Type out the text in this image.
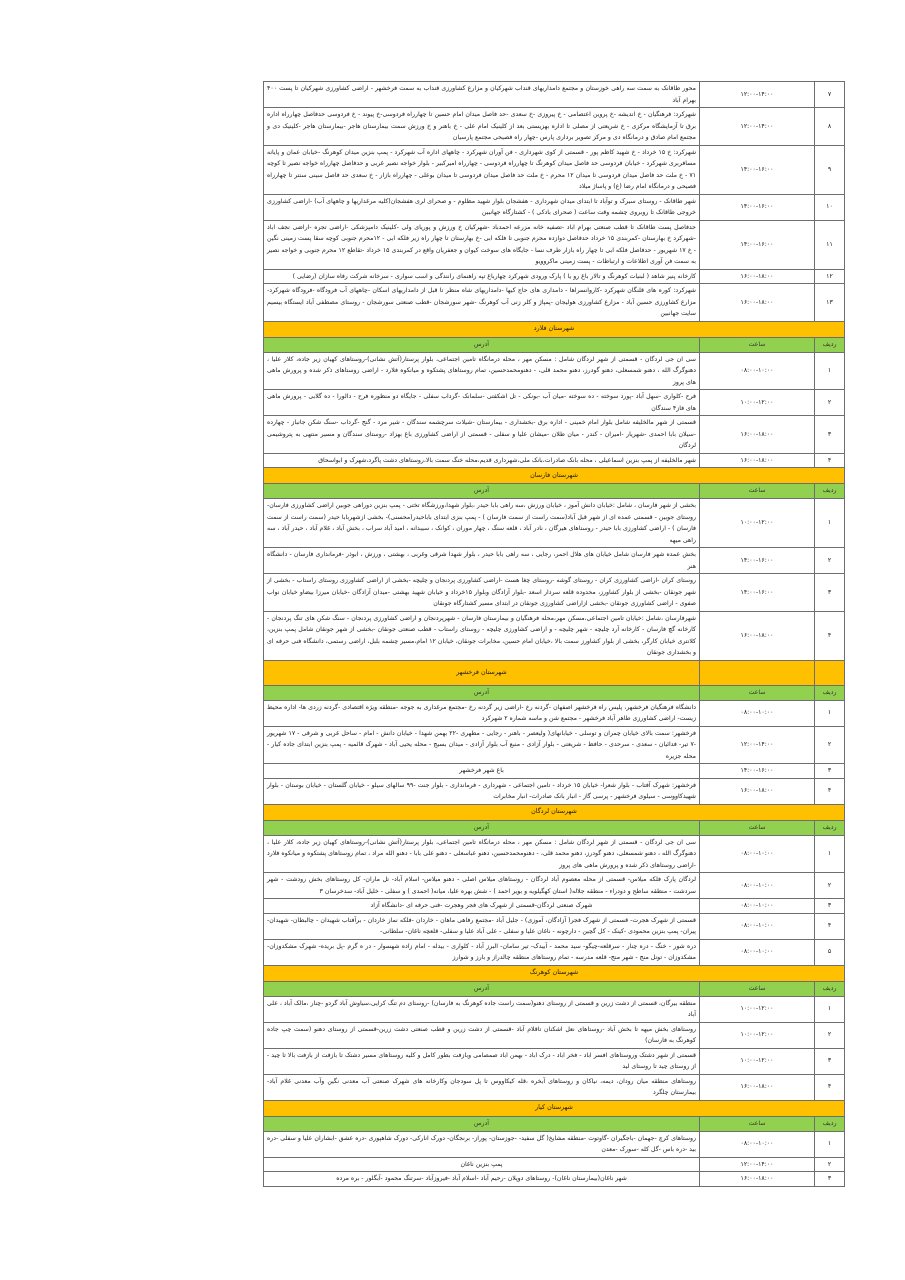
۷	۱۲:۰۰-۱۴:۰۰	محور طاقانک به سمت سه راهی خوزستان و مجتمع دامداریهای قنداب شهرکیان و مزارع کشاورزی قنداب به سمت فرخشهر - اراضی کشاورزی شهرکیان تا پست ۴۰۰ بهرام آباد
۸	۱۲:۰۰-۱۴:۰۰	شهرکرد: فرهنگیان - خ اندیشه -خ پروین اعتصامی - خ پیروزی -خ سعدی -حد فاصل میدان امام حسین تا چهارراه فردوسی-خ پیوند - خ فردوسی حدفاصل چهارراه اداره برق تا آزمایشگاه مرکزی - خ شریعتی از مصلی تا اداره بهزیستی بعد از کلینیک امام علی - خ باهنر و خ ورزش سمت بیمارستان هاجر -بیمارستان هاجر -کلینیک دی و مجتمع امام صادق و درمانگاه دی و مرکز تصویر برداری پارس -چهار راه فصیحی مجتمع پارسیان
۹	۱۴:۰۰-۱۶:۰۰	شهرکرد: خ ۱۵ خرداد - خ شهید کاظم پور - قسمتی از کوی شهرداری - فن آوران شهرکرد - چاههای اداره آب شهرکرد - پمپ بنزین میدان کوهرنگ -خیابان عمان و پایانه مسافربری شهرکرد - خیابان فردوسی حد فاصل میدان کوهرنگ تا چهارراه فردوسی - چهارراه امیرکبیر - بلوار خواجه نصیر غربی و حدفاصل چهارراه خواجه نصیر تا کوچه ۷۱ - خ ملت حد فاصل میدان فردوسی تا میدان ۱۲ محرم - خ ملت حد فاصل میدان فردوسی تا میدان بوعلی - چهارراه بازار - خ سعدی حد فاصل سینی سنتر تا چهارراه فصیحی و درمانگاه امام رضا (ع) و پاساژ میلاد
۱۰	۱۴:۰۰-۱۶:۰۰	شهر طاقانک - روستای سیرک و توآباد تا ابتدای میدان شهرداری - هفشجان بلوار شهید مظلوم - و صحرای لری هفشجان(کلیه مرغداریها و چاههای آب) -اراضی کشاورزی خروجی طاقانک تا روبروی چشمه وقت ساعت ( صحرای بادکی ) - کشتارگاه جهانبین
۱۱	۱۴:۰۰-۱۶:۰۰	حدفاصل پست طاقانک تا قطب صنعتی بهرام اباد -تصفیه خانه مزرعه احمدباد -شهرکیان خ ورزش و پوریای ولی -کلینیک دامپزشکی -اراضی تجره -اراضی نجف اباد -شهرکرد خ بهارستان -کمربندی ۱۵ خرداد حدفاصل دوازده محرم جنوبی تا فلکه ابی -خ بهارستان تا چهار راه زیر فلکه ابی - ۱۲محرم جنوبی کوچه سقا پست زمینی نگین - خ ۱۷ شهریور - حدفاصل فلکه ابی تا چهار راه بازار طرف نسا - جایگاه های سوخت کیوان و جعفریان واقع در کمربندی ۱۵ خرداد -تقاطع ۱۲ محرم جنوبی و خواجه نصیر به سمت فن آوری اطلاعات و ارتباطات - پست زمینی ماکروویو
۱۲	۱۶:۰۰-۱۸:۰۰	کارخانه پنیر شاهد ( لبنیات کوهرنگ و تالار باغ رو یا ) پارک ورودی شهرکرد چهارباغ تپه راهنمای رانندگی و اسب سواری - سرخانه شرکت رفاه سازان (رضایی )
۱۳	۱۶:۰۰-۱۸:۰۰	شهرکرد: کوره های قلنگان شهرکرد -کاروانسراها - دامداری های حاج کیها -دامداریهای شاه منظر تا قبل از دامداریهای اسکان -چاههای آب فرودگاه -فرودگاه شهرکرد- مزارع کشاورزی حسین آباد - مزارع کشاورزی هولیجان -پمپاژ و کلر زنی آب کوهرنگ -شهر سورشجان -قطب صنعتی سورشجان - روستای مصطفی آباد ایستگاه بیسیم سایت جهانبین
شهرستان فلارد		
ردیف	ساعت	آدرس
۱	۰۸:۰۰-۱۰:۰۰	سی ان جی لردگان - قسمتی از شهر لردگان شامل : مسکن مهر ، محله درمانگاه تامین اجتماعی، بلوار پرستار(آتش نشانی)-روستاهای کهیان زیر جاده، کلار علیا ، دهنوگرگ الله ، دهنو شمسعلی، دهنو گودرز، دهنو محمد قلی، - دهنومحمدحسین، تمام روستاهای پشتکوه و میانکوه فلارد - اراضی روستاهای ذکر شده و پرورش ماهی های پروز
۲	۱۰:۰۰-۱۲:۰۰	فرح -کلواری -سهل آباد -پورد سوخته - ده سوخته -میان آب -بونکی - تل اشکفتی -سلمانک -گرداب سفلی - جایگاه دو منظوره فرح - دالورا - ده گلابی - پرورش ماهی های فاز۴ سندگان
۳	۱۶:۰۰-۱۸:۰۰	قسمتی از شهر مالخلیفه شامل بلوار امام خمینی - اداره برق -بخشداری - بیمارستان -شیلات سرچشمه سندگان - شیر مرد - گنج -گرداب -سنگ شکن جانباز - چهارده -سیلان بابا احمدی -شهریار -امیران - کندر - میان طلان -میشان علیا و سفلی - قسمتی از اراضی کشاورزی باغ بهزاد -روستای سندگان و مسیر منتهی به پتروشیمی لردگان
۴	۱۶:۰۰-۱۸:۰۰	شهر مالخلیفه از پمپ بنزین اسماعیلی ، محله بانک صادرات،بانک ملی،شهرداری قدیم،محله خنگ سمت بالا،روستاهای دشت پاگرد،شهرک و ابواسحاق
شهرستان فارسان		
ردیف	ساعت	آدرس
۱	۱۰:۰۰-۱۲:۰۰	بخشی از شهر فارسان ، شامل :خیابان دانش آموز ، خیابان ورزش ،سه راهی بابا حیدر ،بلوار شهدا،ورزشگاه تختی - پمپ بنزین دوراهی جوبین اراضی کشاورزی فارسان- روستای جوبین - قسمتی عمده ای از شهر قبل آباد(سمت راست از سمت فارسان ) - پمپ بنزی ابتدای باباحیدر(محسنی)- بخشی ازشهربابا حیدر (سمت راست از سمت فارسان ) - اراضی کشاورزی بابا حیدر - روستاهای هیرگان ، نادر آباد ، قلعه سنگ ، چهار موران ، کوانک ، سیبدانه ، امید آباد سراب ، بخش آباد ، غلام آباد ، حیدر آباد ، سه راهی میهه
۲	۱۴:۰۰-۱۶:۰۰	بخش عمده شهر فارسان شامل خیابان های هلال احمر، رجایی ، سه راهی بابا حیدر ، بلوار شهدا شرقی وغربی ، بهشتی ، ورزش ، ابوذر -فرمانداری فارسان - دانشگاه هنر
۳	۱۴:۰۰-۱۶:۰۰	روستای کران -اراضی کشاورزی کران - روستای گوشه -روستای چغا هست -اراضی کشاورزی پردنجان و چلیچه -بخشی از اراضی کشاورزی روستای راستاب - بخشی از شهر جونقان -بخشی از بلوار کشاورز، محدوده قلعه سردار اسعد -بلوار آزادگان وبلوار ۱۵خرداد و خیابان شهید بهشتی -میدان آزادگان -خیابان میرزا بیضاو خیابان نواب صفوی - اراضی کشاورزی جونقان -بخشی ازاراضی کشاورزی جونقان در ابتدای مسیر کشتارگاه جونقان
۴	۱۶:۰۰-۱۸:۰۰	شهرفارسان ،شامل :خیابان تامین اجتماعی،مسکن مهر،محله فرهنگیان و بیمارستان فارسان - شهرپردنجان و اراضی کشاورزی پردنجان - سنگ شکن های تنگ پردنجان - کارخانه گچ فارسان - کارخانه آرد چلیچه - شهر چلیچه - و اراضی کشاورزی چلیچه - روستای راستاب - قطب صنعتی جونقان -بخشی از شهر جونقان شامل پمپ بنزین، کلانتری خیابان کارگر، بخشی از بلوار کشاورز سمت بالا ،خیابان امام حسین، مخابرات جونقان، خیابان ۱۲ امام،مسیر چشمه بلبل، اراضی رستمی، دانشگاه فنی حرفه ای و بخشداری جونقان
		شهرستان فرخشهر
ردیف	ساعت	آدرس
۱	۰۸:۰۰-۱۰:۰۰	دانشگاه فرهنگیان فرخشهر، پلیس راه فرخشهر اصفهان -گردنه رخ -اراضی زیر گردنه رخ -مجتمع مرغداری به جوجه -منطقه ویژه اقتصادی -گردنه زردی ها- اداره محیط زیست- اراضی کشاورزی طاهر آباد فرخشهر - مجتمع شن و ماسه شماره ۲ شهرکرد
۲	۱۲:۰۰-۱۴:۰۰	فرخشهر: سمت بالای خیابان چمران و توسلی - خیابانهای( ولیعصر - باهنر - رجایی - مطهری -۲۲ بهمن شهدا - خیابان دانش - امام - ساحل غربی و شرقی - ۱۷ شهریور -۷ تیر- فدائیان - سعدی - سرحدی - حافظ - شریعتی - بلوار آزادی - منبع آب بلوار آزادی - میدان بسیج - محله یحیی آباد - شهرک قائمیه - پمپ بنزین ابتدای جاده کیار - محله جزیره
۳	۱۴:۰۰-۱۶:۰۰	باغ شهر فرخشهر
۴	۱۶:۰۰-۱۸:۰۰	فرخشهر: شهرک آفتاب - بلوار شعرا- خیابان ۱۵ خرداد - تامین اجتماعی - شهرداری - فرمانداری - بلوار جنت -۹۹ سالهای سیلو - خیابان گلستان - خیابان بوستان - بلوار شهیدکاووسی - سیلوی فرخشهر - پرسی گاز - انبار بانک صادرات- انبار مخابرات
شهرستان لردگان		
ردیف	ساعت	آدرس
۱	۰۸:۰۰-۱۰:۰۰	سی ان جی لردگان - قسمتی از شهر لردگان شامل : مسکن مهر ، محله درمانگاه تامین اجتماعی، بلوار پرستار(آتش نشانی)-روستاهای کهیان زیر جاده، کلار علیا ، دهنوگرگ الله ، دهنو شمسعلی، دهنو گودرز، دهنو محمد قلی، - دهنومحمدحسین، دهنو عباسعلی - دهنو علی بابا - دهنو الله مراد ، تمام روستاهای پشتکوه و میانکوه فلارد -اراضی روستاهای ذکر شده و پرورش ماهی های پروز
۲	۰۸:۰۰-۱۰:۰۰	لردگان پارک فلکه میلاس- قسمتی از محله معصوم آباد لردگان - روستاهای میلاس اصلی - دهنو میلاس- اسلام آباد- تل ماران- کل روستاهای بخش رودشت - شهر سردشت - منطقه ساطح و دودراء - منطقه جلاله( استان کهگیلویه و بویر احمد ) - شش بهره علیا، میانه( احمدی ) و سفلی - خلیل آباد- سدخرسان ۳
۳	۰۸:۰۰-۱۰:۰۰	شهرک صنعتی لردگان-قسمتی از شهرک های فجر وهجرت -فنی حرفه ای -دانشگاه آزاد
۴	۰۸:۰۰-۱۰:۰۰	قسمتی از شهرک هجرت- قسمتی از شهرک فجر( آزادگان، آموزی) - جلیل آباد -مجتمع رفاهی ماهان - خاردان -فلکه نماز خاردان - برآفتاب شهیدان - چالبطان- شهیدان- پیران- پمپ بنزین محمودی -کینک - کل گچین - دارچونه - ناغان علیا و سفلی - علی آباد علیا و سفلی- قلعچه ناغان- سلطانی-
۵	۰۸:۰۰-۱۰:۰۰	دره شور - خنگ - دره چنار - سرقلعه-چیگو- سید محمد - آبیدک- تیر سامان- البرز آباد - کلواری - بیدله - امام زاده شهسوار - در ه گرم -پل بریده- شهرک مشکدوزان- مشکدوزان - تونل منج - شهر منج- قلعه مدرسه - تمام روستاهای منطقه چالدراز و بارز و شوارز
شهرستان کوهرنگ		
ردیف	ساعت	آدرس
۱	۱۰:۰۰-۱۲:۰۰	منطقه بیرگان، قسمتی از دشت زرین و قسمتی از روستای دهنو(سمت راست جاده کوهرنگ به فارسان) -روستای دم تنگ کرایی،سیاوش آباد گردو -چنار ،مالک آباد ، علی آباد
۲	۱۰:۰۰-۱۲:۰۰	روستاهای بخش میهه تا بخش آباد -روستاهای نعل اشکنان تاقلام آباد -قسمتی از دشت زرین و قطب صنعتی دشت زرین-قسمتی از روستای دهنو (سمت چپ جاده کوهرنگ به فارسان)
۳	۱۰:۰۰-۱۲:۰۰	قسمتی از شهر دشتک وروستاهای افسر اباد - فخر اباد - درک اباد - بهمن اباد صمصامی وبازفت بطور کامل و کلیه روستاهای مسیر دشتک تا بازفت از بازفت بالا تا چید - از روستای چید تا روستای لید
۴	۱۶:۰۰-۱۸:۰۰	روستاهای منطقه میان رودان، دیمه، نیاکان و روستاهای آبخره ،قله کیکاووس تا پل سودجان وکارخانه های شهرک صنعتی آب معدنی نگین وآب معدنی غلام آباد- بیمارستان چلگرد
شهرستان کیار		
ردیف	ساعت	آدرس
۱	۰۸:۰۰-۱۰:۰۰	روستاهای کرچ -جهمان -باجگیران -گاوتوت -منطقه مشایخ( گل سفید- -جوزستان- پوراز- برنجگان- دورک انارکی- دورک شاهپوری -دره عشق -ابشاران علیا و سفلی -دره بید -دره باس -گل کله -سورک -معدن
۲	۱۲:۰۰-۱۴:۰۰	پمپ بنزین ناغان
۳	۱۶:۰۰-۱۸:۰۰	شهر ناغان(بیمارستان ناغان)- روستاهای دوپلان -رحیم آباد -اسلام آباد -فیروزآباد -سرتنگ محمود -آبگلور - بره مرده
